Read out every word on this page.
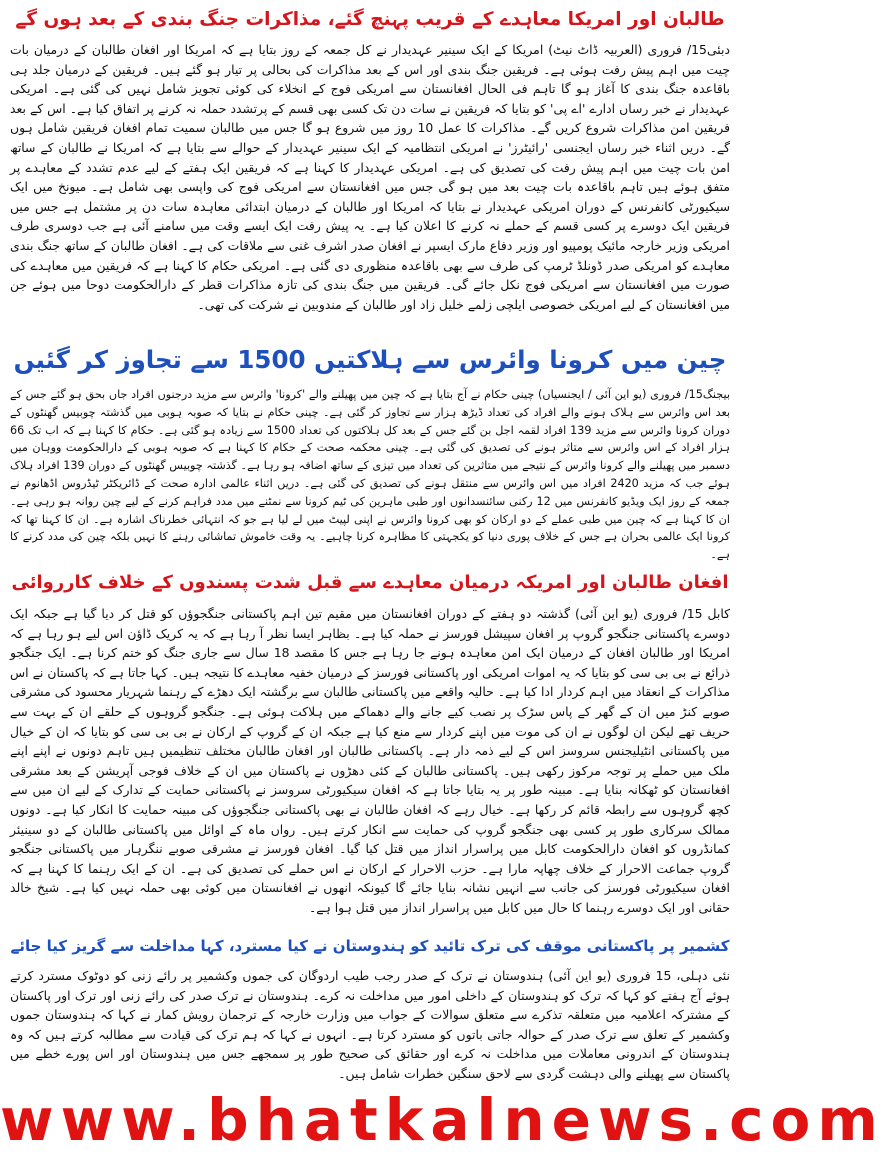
طالبان اور امریکا معاہدے کے قریب پہنچ گئے، مذاکرات جنگ بندی کے بعد ہوں گے

دبئی15/ فروری (العربیہ ڈاٹ نیٹ) امریکا کے ایک سینیر عہدیدار نے کل جمعہ کے روز بتایا ہے کہ امریکا اور افغان طالبان کے درمیان بات چیت میں اہم پیش رفت ہوئی ہے۔ فریقین جنگ بندی اور اس کے بعد مذاکرات کی بحالی پر تیار ہو گئے ہیں۔ فریقین کے درمیان جلد ہی باقاعدہ جنگ بندی کا آغاز ہو گا تاہم فی الحال افغانستان سے امریکی فوج کے انخلاء کی کوئی تجویز شامل نہیں کی گئی ہے۔ امریکی عہدیدار نے خبر رساں ادارے 'اے پی' کو بتایا کہ فریقین نے سات دن تک کسی بھی قسم کے پرتشدد حملہ نہ کرنے پر اتفاق کیا ہے۔ اس کے بعد فریقین امن مذاکرات شروع کریں گے۔ مذاکرات کا عمل 10 روز میں شروع ہو گا جس میں طالبان سمیت تمام افغان فریقین شامل ہوں گے۔ دریں اثناء خبر رساں ایجنسی 'رائیٹرز' نے امریکی انتظامیہ کے ایک سینیر عہدیدار کے حوالے سے بتایا ہے کہ امریکا نے طالبان کے ساتھ امن بات چیت میں اہم پیش رفت کی تصدیق کی ہے۔ امریکی عہدیدار کا کہنا ہے کہ فریقین ایک ہفتے کے لیے عدم تشدد کے معاہدے پر متفق ہوئے ہیں تاہم باقاعدہ بات چیت بعد میں ہو گی جس میں افغانستان سے امریکی فوج کی واپسی بھی شامل ہے۔ میونخ میں ایک سیکیورٹی کانفرنس کے دوران امریکی عہدیدار نے بتایا کہ امریکا اور طالبان کے درمیان ابتدائی معاہدہ سات دن پر مشتمل ہے جس میں فریقین ایک دوسرے پر کسی قسم کے حملے نہ کرنے کا اعلان کیا ہے۔ یہ پیش رفت ایک ایسے وقت میں سامنے آئی ہے جب دوسری طرف امریکی وزیر خارجہ مائیک پومپیو اور وزیر دفاع مارک ایسپر نے افغان صدر اشرف غنی سے ملاقات کی ہے۔ افغان طالبان کے ساتھ جنگ بندی معاہدے کو امریکی صدر ڈونلڈ ٹرمپ کی طرف سے بھی باقاعدہ منظوری دی گئی ہے۔ امریکی حکام کا کہنا ہے کہ فریقین میں معاہدے کی صورت میں افغانستان سے امریکی فوج نکل جائے گی۔ فریقین میں جنگ بندی کی تازہ مذاکرات قطر کے دارالحکومت دوحا میں ہوئے جن میں افغانستان کے لیے امریکی خصوصی ایلچی زلمے خلیل زاد اور طالبان کے مندوبین نے شرکت کی تھی۔

چین میں کرونا وائرس سے ہلاکتیں 1500 سے تجاوز کر گئیں

بیجنگ15/ فروری (یو این آئی / ایجنسیاں) چینی حکام نے آج بتایا ہے کہ چین میں پھیلنے والے 'کرونا' وائرس سے مزید درجنوں افراد جاں بحق ہو گئے جس کے بعد اس وائرس سے ہلاک ہونے والے افراد کی تعداد ڈیڑھ ہزار سے تجاوز کر گئی ہے۔ چینی حکام نے بتایا کہ صوبہ ہوبی میں گذشتہ چوبیس گھنٹوں کے دوران کرونا وائرس سے مزید 139 افراد لقمہ اجل بن گئے جس کے بعد کل ہلاکتوں کی تعداد 1500 سے زیادہ ہو گئی ہے۔ حکام کا کہنا ہے کہ اب تک 66 ہزار افراد کے اس وائرس سے متاثر ہونے کی تصدیق کی گئی ہے۔ چینی محکمہ صحت کے حکام کا کہنا ہے کہ صوبہ ہوبی کے دارالحکومت ووہان میں دسمبر میں پھیلنے والے کرونا وائرس کے نتیجے میں متاثرین کی تعداد میں تیزی کے ساتھ اضافہ ہو رہا ہے۔ گذشتہ چوبیس گھنٹوں کے دوران 139 افراد ہلاک ہوئے جب کہ مزید 2420 افراد میں اس وائرس سے منتقل ہونے کی تصدیق کی گئی ہے۔ دریں اثناء عالمی ادارہ صحت کے ڈائریکٹر ٹیڈروس اڈھانوم نے جمعہ کے روز ایک ویڈیو کانفرنس میں 12 رکنی سائنسدانوں اور طبی ماہرین کی ٹیم کرونا سے نمٹنے میں مدد فراہم کرنے کے لیے چین روانہ ہو رہی ہے۔ ان کا کہنا ہے کہ چین میں طبی عملے کے دو ارکان کو بھی کرونا وائرس نے اپنی لپیٹ میں لے لیا ہے جو کہ انتہائی خطرناک اشارہ ہے۔ ان کا کہنا تھا کہ کرونا ایک عالمی بحران ہے جس کے خلاف پوری دنیا کو یکجہتی کا مظاہرہ کرنا چاہیے۔ یہ وقت خاموش تماشائی رہنے کا نہیں بلکہ چین کی مدد کرنے کا ہے۔

افغان طالبان اور امریکہ درمیان معاہدے سے قبل شدت پسندوں کے خلاف کارروائی

کابل 15/ فروری (یو این آئی) گذشتہ دو ہفتے کے دوران افغانستان میں مقیم تین اہم پاکستانی جنگجوؤں کو قتل کر دیا گیا ہے جبکہ ایک دوسرے پاکستانی جنگجو گروپ پر افغان سپیشل فورسز نے حملہ کیا ہے۔ بظاہر ایسا نظر آ رہا ہے کہ یہ کریک ڈاؤن اس لیے ہو رہا ہے کہ امریکا اور طالبان افغان کے درمیان ایک امن معاہدہ ہونے جا رہا ہے جس کا مقصد 18 سال سے جاری جنگ کو ختم کرنا ہے۔ ایک جنگجو ذرائع نے بی بی سی کو بتایا کہ یہ اموات امریکی اور پاکستانی فورسز کے درمیان خفیہ معاہدے کا نتیجہ ہیں۔ کہا جاتا ہے کہ پاکستان نے اس مذاکرات کے انعقاد میں اہم کردار ادا کیا ہے۔ حالیہ واقعے میں پاکستانی طالبان سے برگشتہ ایک دھڑے کے رہنما شہریار محسود کی مشرقی صوبے کنڑ میں ان کے گھر کے پاس سڑک پر نصب کیے جانے والے دھماکے میں ہلاکت ہوئی ہے۔ جنگجو گروہوں کے حلقے ان کے بہت سے حریف تھے لیکن ان لوگوں نے ان کی موت میں اپنے کردار سے منع کیا ہے جبکہ ان کے گروپ کے ارکان نے بی بی سی کو بتایا کہ ان کے خیال میں پاکستانی انٹیلیجنس سروسز اس کے لیے ذمہ دار ہے۔ پاکستانی طالبان اور افغان طالبان مختلف تنظیمیں ہیں تاہم دونوں نے اپنے اپنے ملک میں حملے پر توجہ مرکوز رکھی ہیں۔ پاکستانی طالبان کے کئی دھڑوں نے پاکستان میں ان کے خلاف فوجی آپریشن کے بعد مشرقی افغانستان کو ٹھکانہ بنایا ہے۔ مبینہ طور پر یہ بتایا جاتا ہے کہ افغان سیکیورٹی سروسز نے پاکستانی حمایت کے تدارک کے لیے ان میں سے کچھ گروہوں سے رابطہ قائم کر رکھا ہے۔ خیال رہے کہ افغان طالبان نے بھی پاکستانی جنگجوؤں کی مبینہ حمایت کا انکار کیا ہے۔ دونوں ممالک سرکاری طور پر کسی بھی جنگجو گروپ کی حمایت سے انکار کرتے ہیں۔ رواں ماہ کے اوائل میں پاکستانی طالبان کے دو سینیئر کمانڈروں کو افغان دارالحکومت کابل میں پراسرار انداز میں قتل کیا گیا۔ افغان فورسز نے مشرقی صوبے ننگرہار میں پاکستانی جنگجو گروپ جماعت الاحرار کے خلاف چھاپہ مارا ہے۔ حزب الاحرار کے ارکان نے اس حملے کی تصدیق کی ہے۔ ان کے ایک رہنما کا کہنا ہے کہ افغان سیکیورٹی فورسز کی جانب سے انہیں نشانہ بنایا جائے گا کیونکہ انھوں نے افغانستان میں کوئی بھی حملہ نہیں کیا ہے۔ شیخ خالد حقانی اور ایک دوسرے رہنما کا حال میں کابل میں پراسرار انداز میں قتل ہوا ہے۔

کشمیر پر پاکستانی موقف کی ترک تائید کو ہندوستان نے کیا مسترد، کہا مداخلت سے گریز کیا جائے

نئی دہلی، 15 فروری (یو این آئی) ہندوستان نے ترک کے صدر رجب طیب اردوگان کی جموں وکشمیر پر رائے زنی کو دوٹوک مسترد کرتے ہوئے آج ہفتے کو کہا کہ ترک کو ہندوستان کے داخلی امور میں مداخلت نہ کرے۔ ہندوستان نے ترک صدر کی رائے زنی اور ترک اور پاکستان کے مشترکہ اعلامیہ میں متعلقہ تذکرے سے متعلق سوالات کے جواب میں وزارت خارجہ کے ترجمان رویش کمار نے کہا کہ ہندوستان جموں وکشمیر کے تعلق سے ترک صدر کے حوالہ جاتی باتوں کو مسترد کرتا ہے۔ انہوں نے کہا کہ ہم ترک کی قیادت سے مطالبہ کرتے ہیں کہ وہ ہندوستان کے اندرونی معاملات میں مداخلت نہ کرے اور حقائق کی صحیح طور پر سمجھے جس میں ہندوستان اور اس پورے خطے میں پاکستان سے پھیلنے والی دہشت گردی سے لاحق سنگین خطرات شامل ہیں۔

www.bhatkalnews.com
